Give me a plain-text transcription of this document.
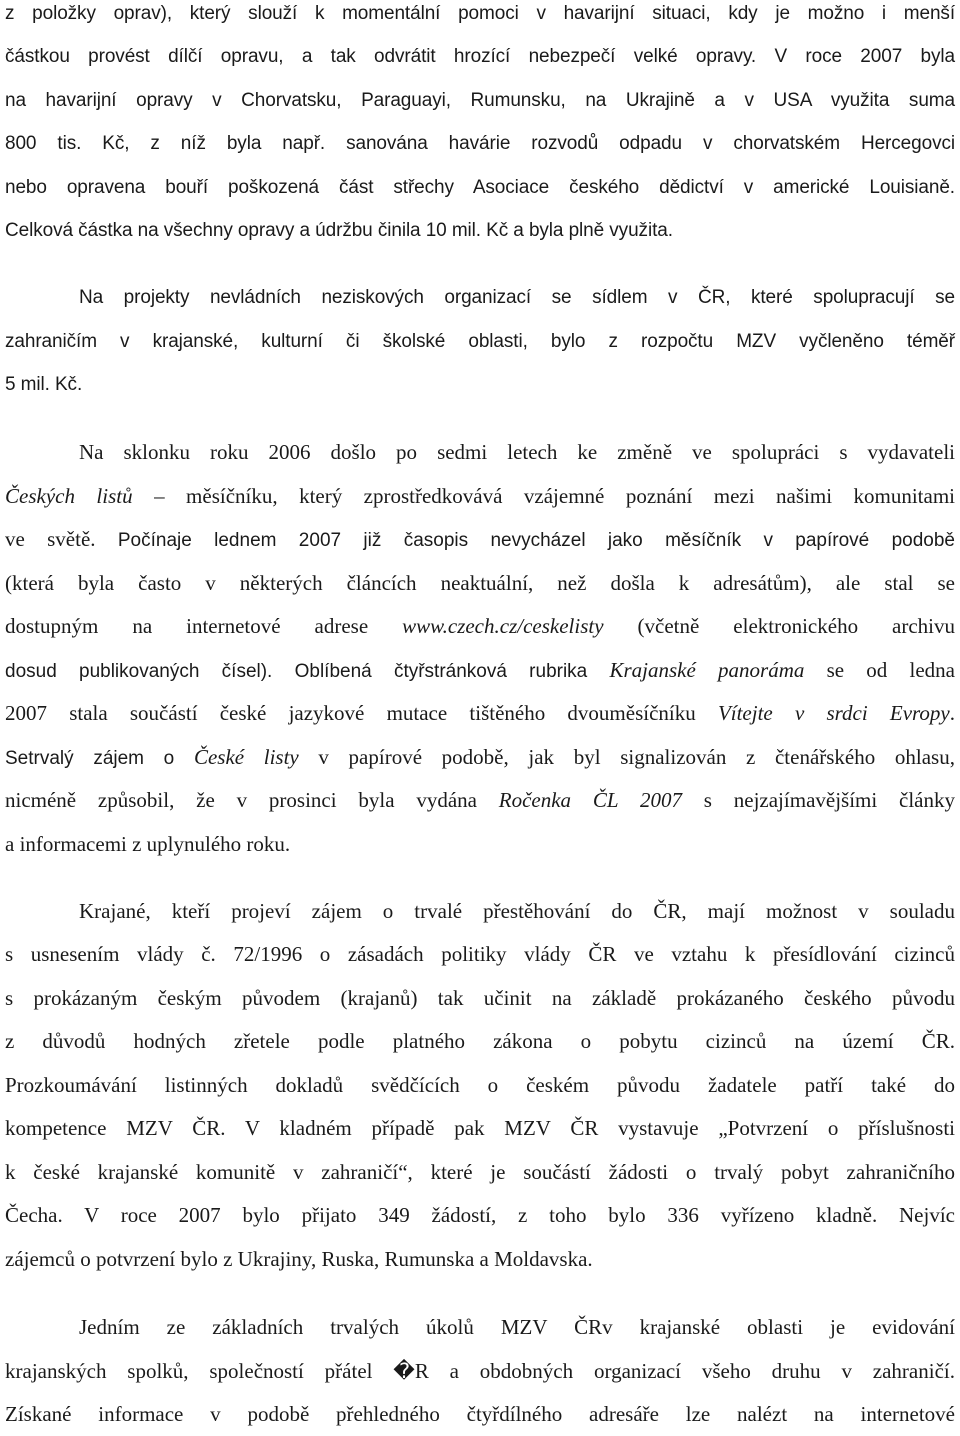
z položky oprav), který slouží k momentální pomoci v havarijní situaci, kdy je možno i menší
částkou provést dílčí opravu, a tak odvrátit hrozící nebezpečí velké opravy. V roce 2007 byla
na havarijní opravy v Chorvatsku, Paraguayi, Rumunsku, na Ukrajině a v USA využita suma
800 tis. Kč, z níž byla např. sanována havárie rozvodů odpadu v chorvatském Hercegovci
nebo opravena bouří poškozená část střechy Asociace českého dědictví v americké Louisianě.
Celková částka na všechny opravy a údržbu činila 10 mil. Kč a byla plně využita.
Na projekty nevládních neziskových organizací se sídlem v ČR, které spolupracují se
zahraničím v krajanské, kulturní či školské oblasti, bylo z rozpočtu MZV vyčleněno téměř
5 mil. Kč.
Na sklonku roku 2006 došlo po sedmi letech ke změně ve spolupráci s vydavateli
Českých listů – měsíčníku, který zprostředkovává vzájemné poznání mezi našimi komunitami
ve světě. Počínaje lednem 2007 již časopis nevycházel jako měsíčník v papírové podobě
(která byla často v některých článcích neaktuální, než došla k adresátům), ale stal se
dostupným na internetové adrese www.czech.cz/ceskelisty (včetně elektronického archivu
dosud publikovaných čísel). Oblíbená čtyřstránková rubrika Krajanské panoráma se od ledna
2007 stala součástí české jazykové mutace tištěného dvouměsíčníku Vítejte v srdci Evropy.
Setrvalý zájem o České listy v papírové podobě, jak byl signalizován z čtenářského ohlasu,
nicméně způsobil, že v prosinci byla vydána Ročenka ČL 2007 s nejzajímavějšími články
a informacemi z uplynulého roku.
Krajané, kteří projeví zájem o trvalé přestěhování do ČR, mají možnost v souladu
s usnesením vlády č. 72/1996 o zásadách politiky vlády ČR ve vztahu k přesídlování cizinců
s prokázaným českým původem (krajanů) tak učinit na základě prokázaného českého původu
z důvodů hodných zřetele podle platného zákona o pobytu cizinců na území ČR.
Prozkoumávání listinných dokladů svědčících o českém původu žadatele patří také do
kompetence MZV ČR. V kladném případě pak MZV ČR vystavuje „Potvrzení o příslušnosti
k české krajanské komunitě v zahraničí“, které je součástí žádosti o trvalý pobyt zahraničního
Čecha. V roce 2007 bylo přijato 349 žádostí, z toho bylo 336 vyřízeno kladně. Nejvíc
zájemců o potvrzení bylo z Ukrajiny, Ruska, Rumunska a Moldavska.
Jedním ze základních trvalých úkolů MZV ČRv krajanské oblasti je evidování
krajanských spolků, společností přátel �R a obdobných organizací všeho druhu v zahraničí.
Získané informace v podobě přehledného čtyřdílného adresáře lze nalézt na internetové
